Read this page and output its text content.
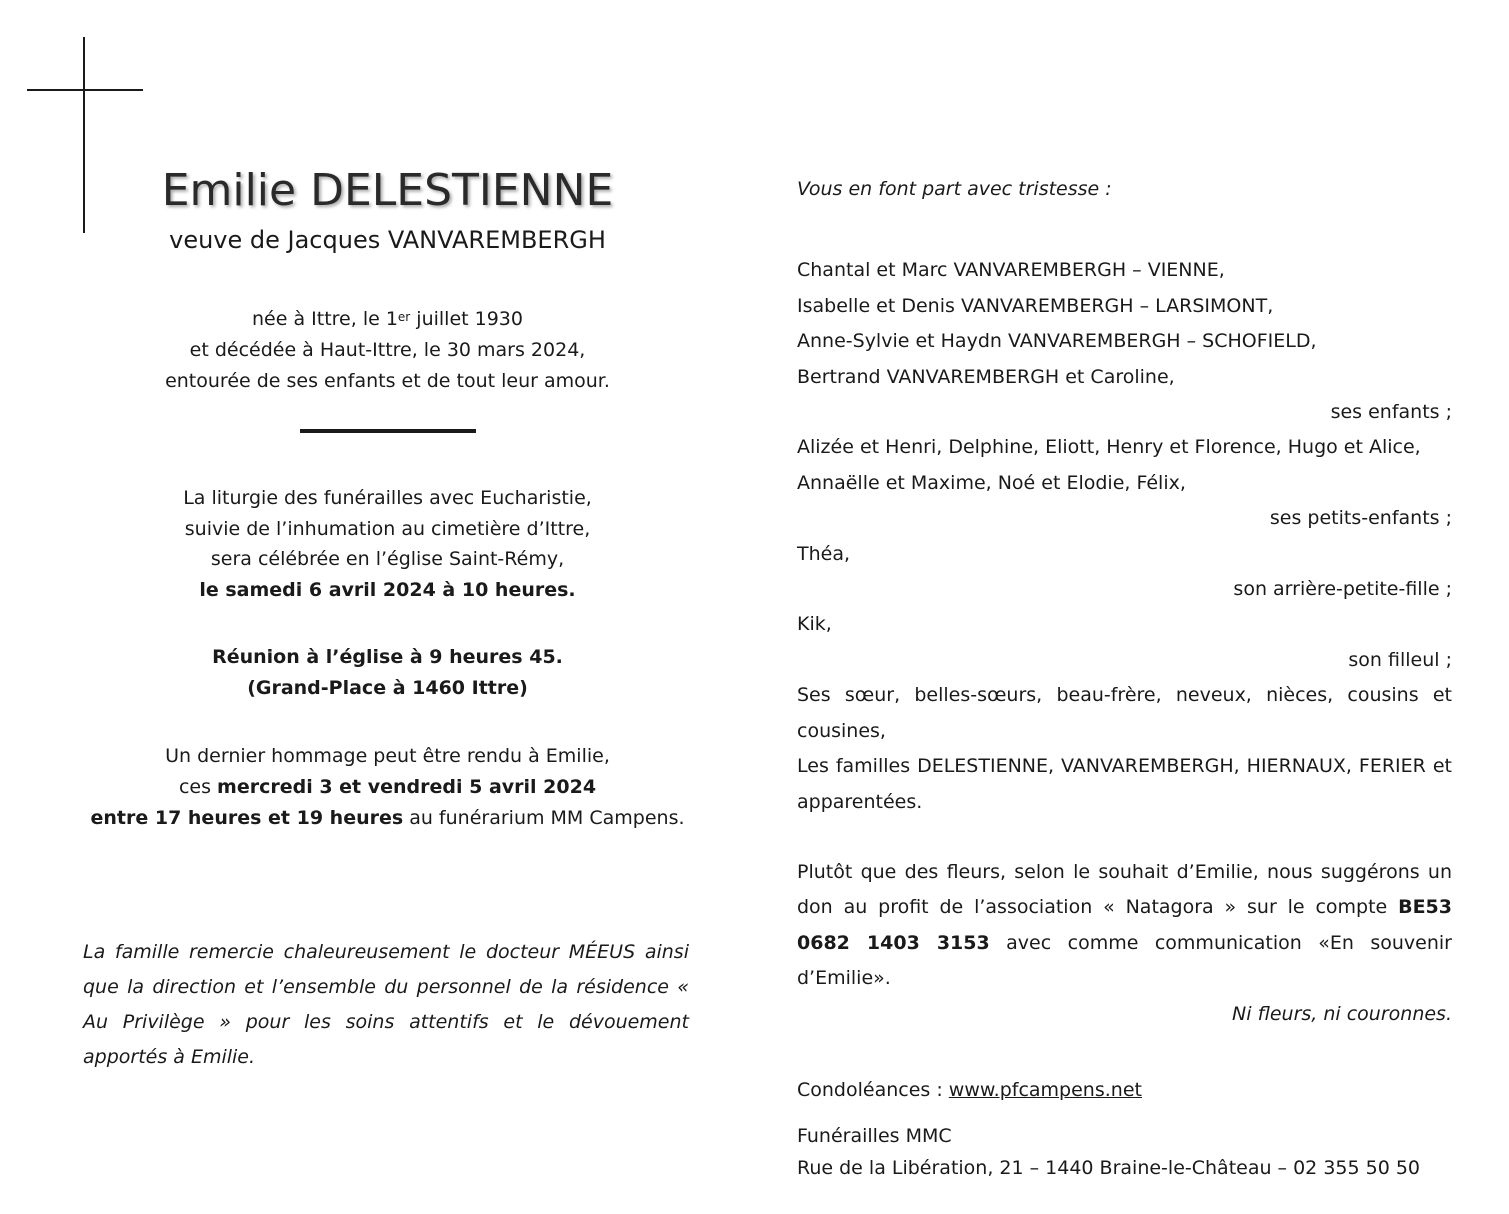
Emilie DELESTIENNE
veuve de Jacques VANVAREMBERGH
née à Ittre, le 1er juillet 1930
et décédée à Haut-Ittre, le 30 mars 2024,
entourée de ses enfants et de tout leur amour.
La liturgie des funérailles avec Eucharistie,
suivie de l’inhumation au cimetière d’Ittre,
sera célébrée en l’église Saint-Rémy,
le samedi 6 avril 2024 à 10 heures.
Réunion à l’église à 9 heures 45.
(Grand-Place à 1460 Ittre)
Un dernier hommage peut être rendu à Emilie,
ces mercredi 3 et vendredi 5 avril 2024
entre 17 heures et 19 heures au funérarium MM Campens.
La famille remercie chaleureusement le docteur MÉEUS ainsi que la direction et l’ensemble du personnel de la résidence « Au Privilège » pour les soins attentifs et le dévouement apportés à Emilie.
Vous en font part avec tristesse :
Chantal et Marc VANVAREMBERGH – VIENNE,
Isabelle et Denis VANVAREMBERGH – LARSIMONT,
Anne-Sylvie et Haydn VANVAREMBERGH – SCHOFIELD,
Bertrand VANVAREMBERGH et Caroline,
ses enfants ;
Alizée et Henri, Delphine, Eliott, Henry et Florence, Hugo et Alice, Annaëlle et Maxime, Noé et Elodie, Félix,
ses petits-enfants ;
Théa,
son arrière-petite-fille ;
Kik,
son filleul ;
Ses sœur, belles-sœurs, beau-frère, neveux, nièces, cousins et cousines,
Les familles DELESTIENNE, VANVAREMBERGH, HIERNAUX, FERIER et apparentées.
Plutôt que des fleurs, selon le souhait d’Emilie, nous suggérons un don au profit de l’association « Natagora » sur le compte BE53 0682 1403 3153 avec comme communication «En souvenir d’Emilie».
Ni fleurs, ni couronnes.
Condoléances : www.pfcampens.net
Funérailles MMC
Rue de la Libération, 21 – 1440 Braine-le-Château – 02 355 50 50
